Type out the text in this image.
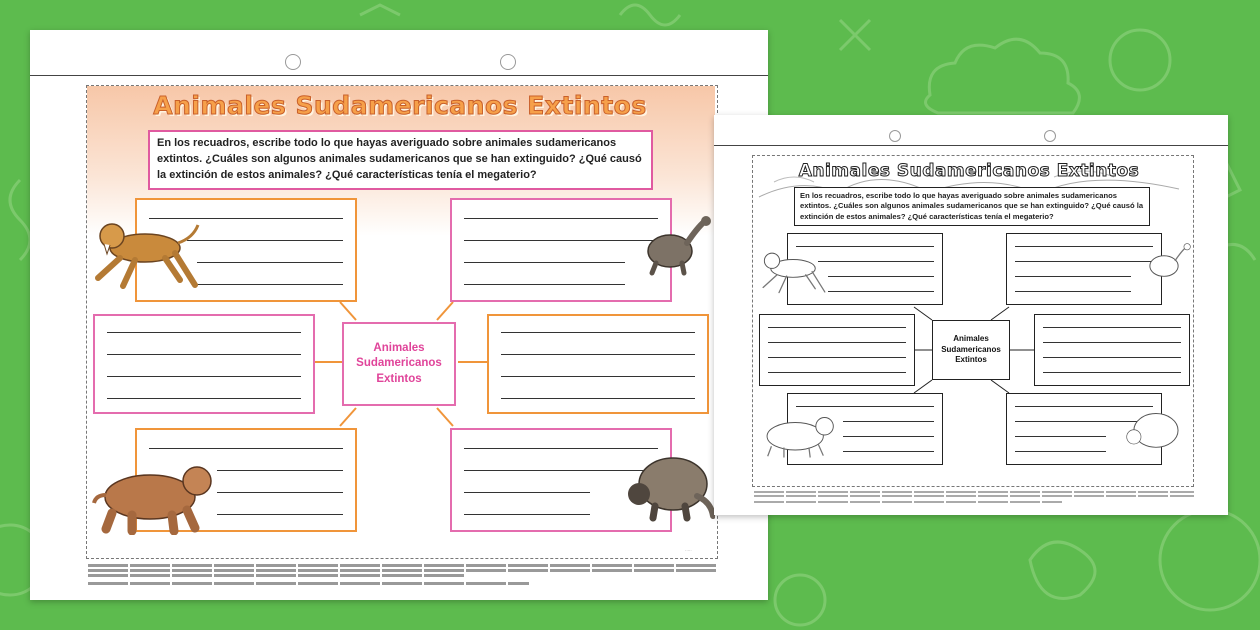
Animales Sudamericanos Extintos
En los recuadros, escribe todo lo que hayas averiguado sobre animales sudamericanos extintos. ¿Cuáles son algunos animales sudamericanos que se han extinguido? ¿Qué causó la extinción de estos animales? ¿Qué características tenía el megaterio?
Animales Sudamericanos Extintos
·····
Animales Sudamericanos Extintos
En los recuadros, escribe todo lo que hayas averiguado sobre animales sudamericanos extintos. ¿Cuáles son algunos animales sudamericanos que se han extinguido? ¿Qué causó la extinción de estos animales? ¿Qué características tenía el megaterio?
Animales Sudamericanos Extintos
